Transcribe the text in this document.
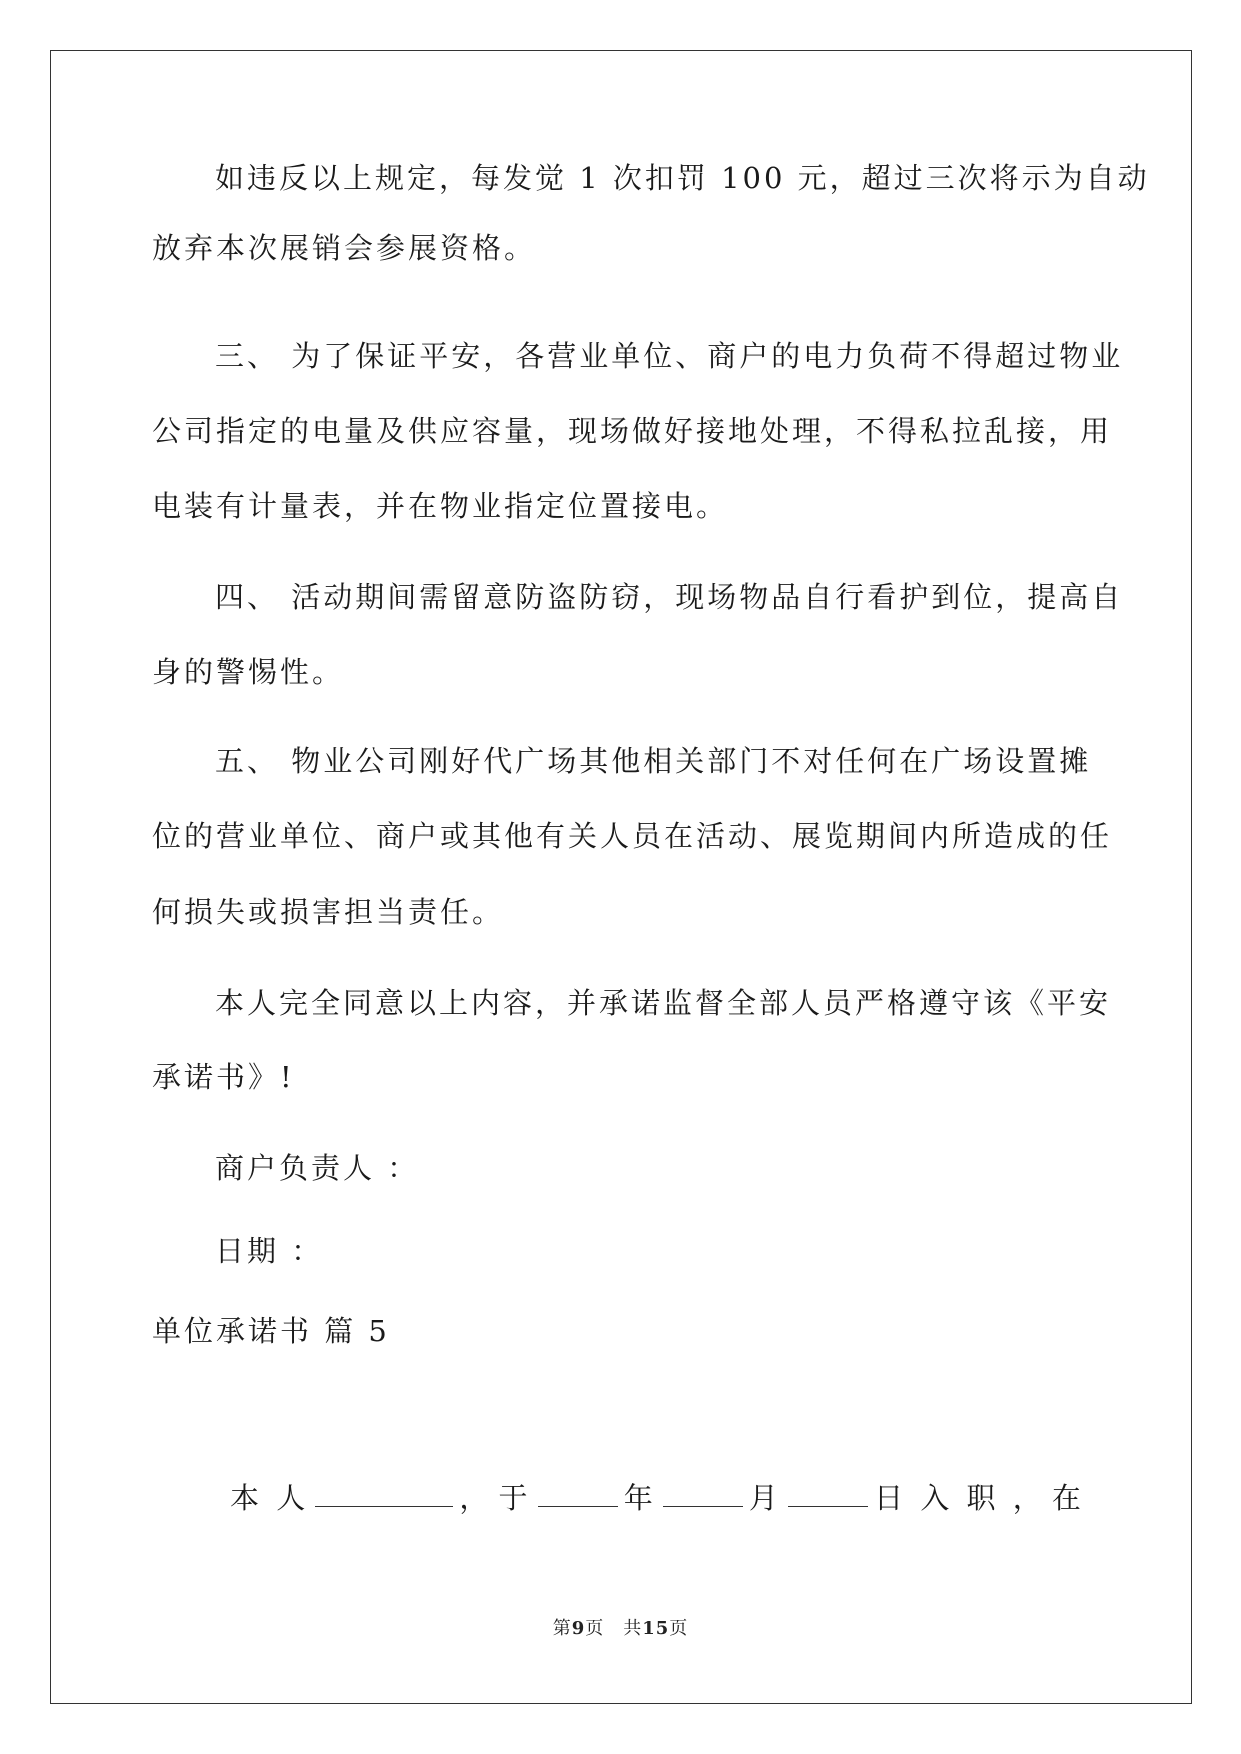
如违反以上规定，每发觉 1 次扣罚 100 元，超过三次将示为自动
放弃本次展销会参展资格。
三、 为了保证平安，各营业单位、商户的电力负荷不得超过物业
公司指定的电量及供应容量，现场做好接地处理，不得私拉乱接，用
电装有计量表，并在物业指定位置接电。
四、 活动期间需留意防盗防窃，现场物品自行看护到位，提高自
身的警惕性。
五、 物业公司刚好代广场其他相关部门不对任何在广场设置摊
位的营业单位、商户或其他有关人员在活动、展览期间内所造成的任
何损失或损害担当责任。
本人完全同意以上内容，并承诺监督全部人员严格遵守该《平安
承诺书》!
商户负责人 ：
日期 ：
单位承诺书 篇 5
本 人	， 于	年	月	日 入 职 ， 在
第9页　共15页
